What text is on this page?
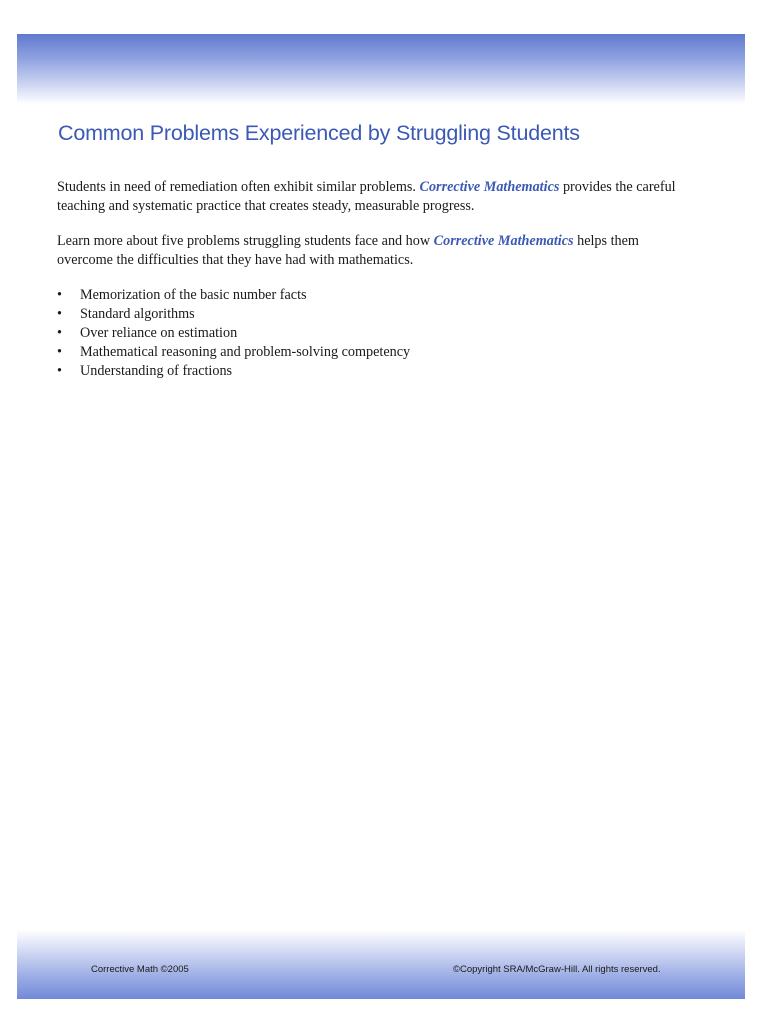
Common Problems Experienced by Struggling Students

Students in need of remediation often exhibit similar problems. Corrective Mathematics provides the careful teaching and systematic practice that creates steady, measurable progress.

Learn more about five problems struggling students face and how Corrective Mathematics helps them overcome the difficulties that they have had with mathematics.

• Memorization of the basic number facts
• Standard algorithms
• Over reliance on estimation
• Mathematical reasoning and problem-solving competency
• Understanding of fractions
Corrective Math ©2005	©Copyright SRA/McGraw-Hill. All rights reserved.
